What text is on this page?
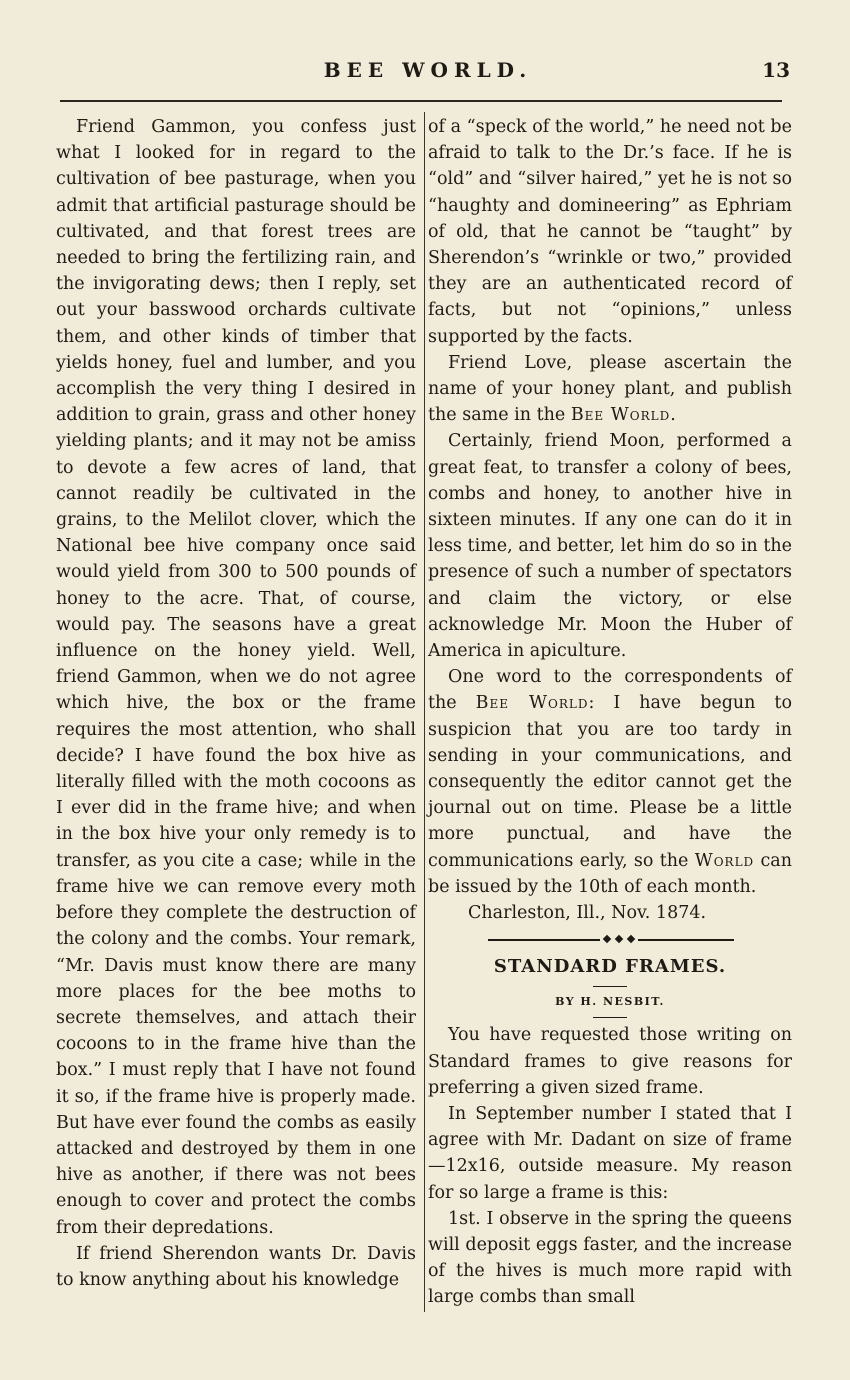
BEE WORLD.	13

Friend Gammon, you confess just what I looked for in regard to the cultivation of bee pasturage, when you admit that artificial pasturage should be cultivated, and that forest trees are needed to bring the fertilizing rain, and the invigorating dews; then I reply, set out your basswood orchards cultivate them, and other kinds of timber that yields honey, fuel and lumber, and you accomplish the very thing I desired in addition to grain, grass and other honey yielding plants; and it may not be amiss to devote a few acres of land, that cannot readily be cultivated in the grains, to the Melilot clover, which the National bee hive company once said would yield from 300 to 500 pounds of honey to the acre. That, of course, would pay. The seasons have a great influence on the honey yield. Well, friend Gammon, when we do not agree which hive, the box or the frame requires the most attention, who shall decide? I have found the box hive as literally filled with the moth cocoons as I ever did in the frame hive; and when in the box hive your only remedy is to transfer, as you cite a case; while in the frame hive we can remove every moth before they complete the destruction of the colony and the combs. Your remark, “Mr. Davis must know there are many more places for the bee moths to secrete themselves, and attach their cocoons to in the frame hive than the box.” I must reply that I have not found it so, if the frame hive is properly made. But have ever found the combs as easily attacked and destroyed by them in one hive as another, if there was not bees enough to cover and protect the combs from their depredations.

If friend Sherendon wants Dr. Davis to know anything about his knowledge

of a “speck of the world,” he need not be afraid to talk to the Dr.’s face. If he is “old” and “silver haired,” yet he is not so “haughty and domineering” as Ephriam of old, that he cannot be “taught” by Sherendon’s “wrinkle or two,” provided they are an authenticated record of facts, but not “opinions,” unless supported by the facts.

Friend Love, please ascertain the name of your honey plant, and publish the same in the Bee World.

Certainly, friend Moon, performed a great feat, to transfer a colony of bees, combs and honey, to another hive in sixteen minutes. If any one can do it in less time, and better, let him do so in the presence of such a number of spectators and claim the victory, or else acknowledge Mr. Moon the Huber of America in apiculture.

One word to the correspondents of the Bee World: I have begun to suspicion that you are too tardy in sending in your communications, and consequently the editor cannot get the journal out on time. Please be a little more punctual, and have the communications early, so the World can be issued by the 10th of each month.

Charleston, Ill., Nov. 1874.

STANDARD FRAMES.
BY H. NESBIT.

You have requested those writing on Standard frames to give reasons for preferring a given sized frame.

In September number I stated that I agree with Mr. Dadant on size of frame—12x16, outside measure. My reason for so large a frame is this:

1st. I observe in the spring the queens will deposit eggs faster, and the increase of the hives is much more rapid with large combs than small
